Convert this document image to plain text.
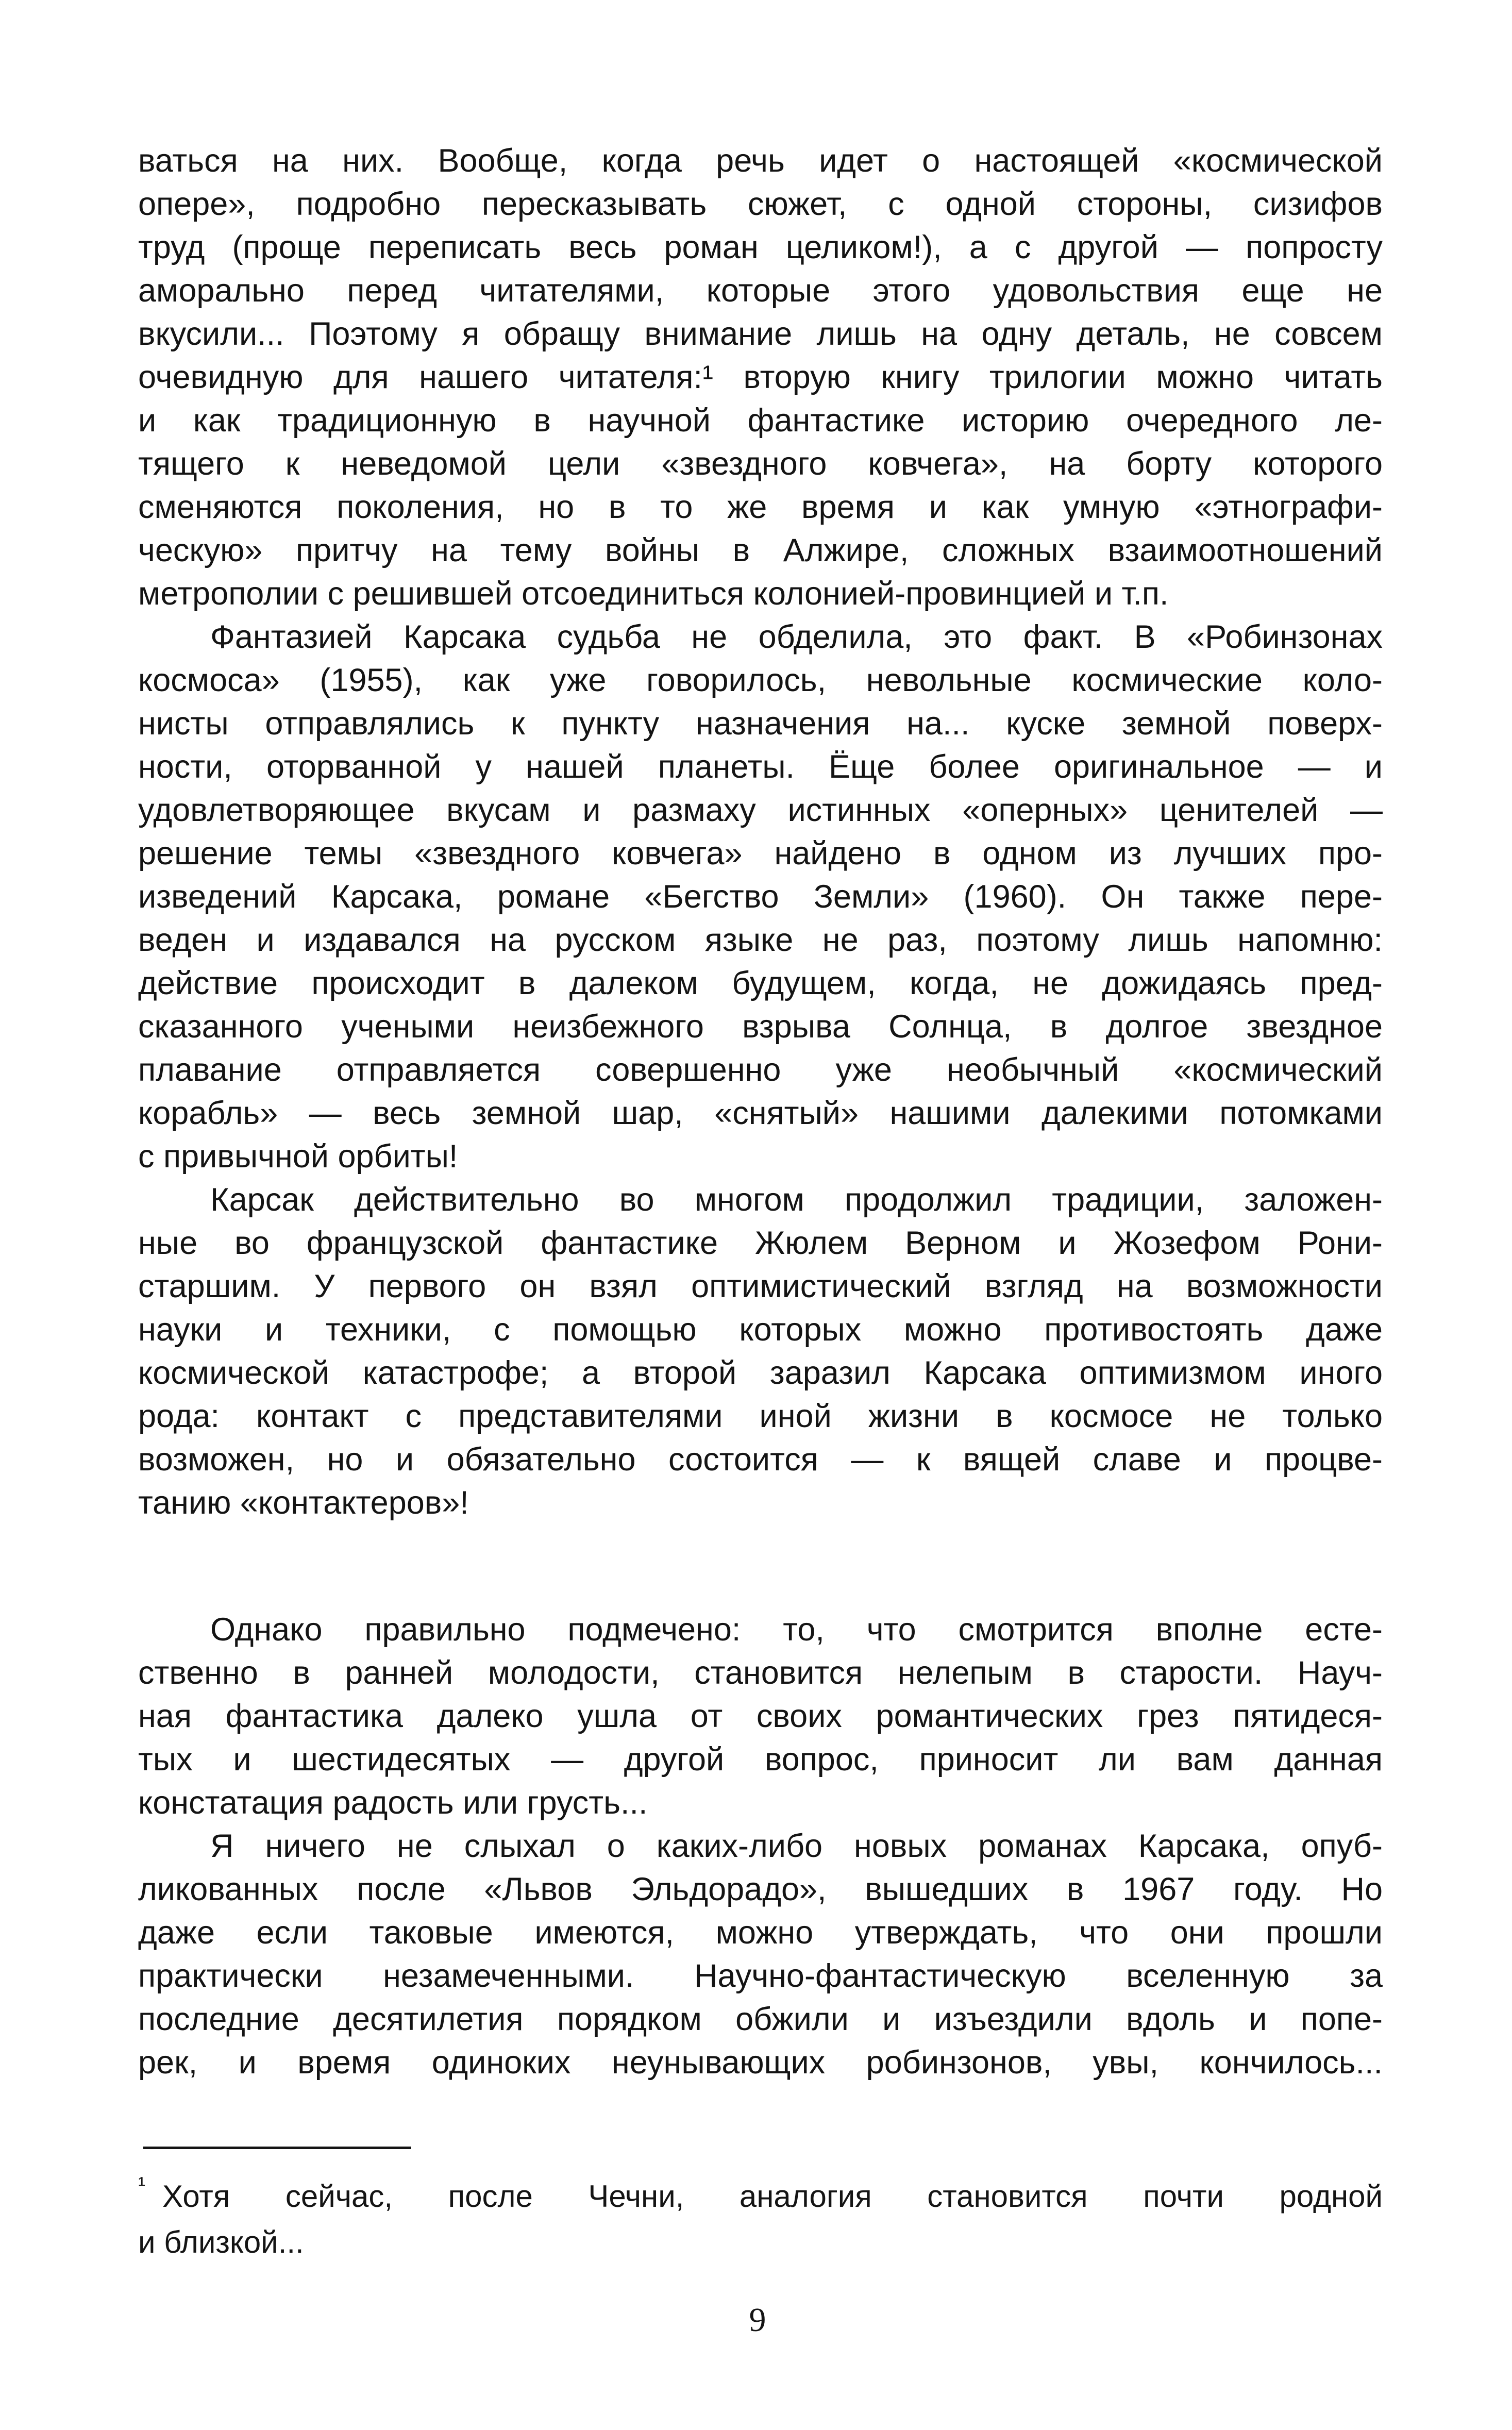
ваться на них. Вообще, когда речь идет о настоящей «космической

опере», подробно пересказывать сюжет, с одной стороны, сизифов

труд (проще переписать весь роман целиком!), а с другой — попросту

аморально перед читателями, которые этого удовольствия еще не

вкусили... Поэтому я обращу внимание лишь на одну деталь, не совсем

очевидную для нашего читателя:¹ вторую книгу трилогии можно читать

и как традиционную в научной фантастике историю очередного ле-

тящего к неведомой цели «звездного ковчега», на борту которого

сменяются поколения, но в то же время и как умную «этнографи-

ческую» притчу на тему войны в Алжире, сложных взаимоотношений

метрополии с решившей отсоединиться колонией-провинцией и т.п.

Фантазией Карсака судьба не обделила, это факт. В «Робинзонах

космоса» (1955), как уже говорилось, невольные космические коло-

нисты отправлялись к пункту назначения на... куске земной поверх-

ности, оторванной у нашей планеты. Ёще более оригинальное — и

удовлетворяющее вкусам и размаху истинных «оперных» ценителей —

решение темы «звездного ковчега» найдено в одном из лучших про-

изведений Карсака, романе «Бегство Земли» (1960). Он также пере-

веден и издавался на русском языке не раз, поэтому лишь напомню:

действие происходит в далеком будущем, когда, не дожидаясь пред-

сказанного учеными неизбежного взрыва Солнца, в долгое звездное

плавание отправляется совершенно уже необычный «космический

корабль» — весь земной шар, «снятый» нашими далекими потомками

с привычной орбиты!

Карсак действительно во многом продолжил традиции, заложен-

ные во французской фантастике Жюлем Верном и Жозефом Рони-

старшим. У первого он взял оптимистический взгляд на возможности

науки и техники, с помощью которых можно противостоять даже

космической катастрофе; а второй заразил Карсака оптимизмом иного

рода: контакт с представителями иной жизни в космосе не только

возможен, но и обязательно состоится — к вящей славе и процве-

танию «контактеров»!

Однако правильно подмечено: то, что смотрится вполне есте-

ственно в ранней молодости, становится нелепым в старости. Науч-

ная фантастика далеко ушла от своих романтических грез пятидеся-

тых и шестидесятых — другой вопрос, приносит ли вам данная

констатация радость или грусть...

Я ничего не слыхал о каких-либо новых романах Карсака, опуб-

ликованных после «Львов Эльдорадо», вышедших в 1967 году. Но

даже если таковые имеются, можно утверждать, что они прошли

практически незамеченными. Научно-фантастическую вселенную за

последние десятилетия порядком обжили и изъездили вдоль и попе-

рек, и время одиноких неунывающих робинзонов, увы, кончилось...

¹ Хотя сейчас, после Чечни, аналогия становится почти родной

и близкой...

9
